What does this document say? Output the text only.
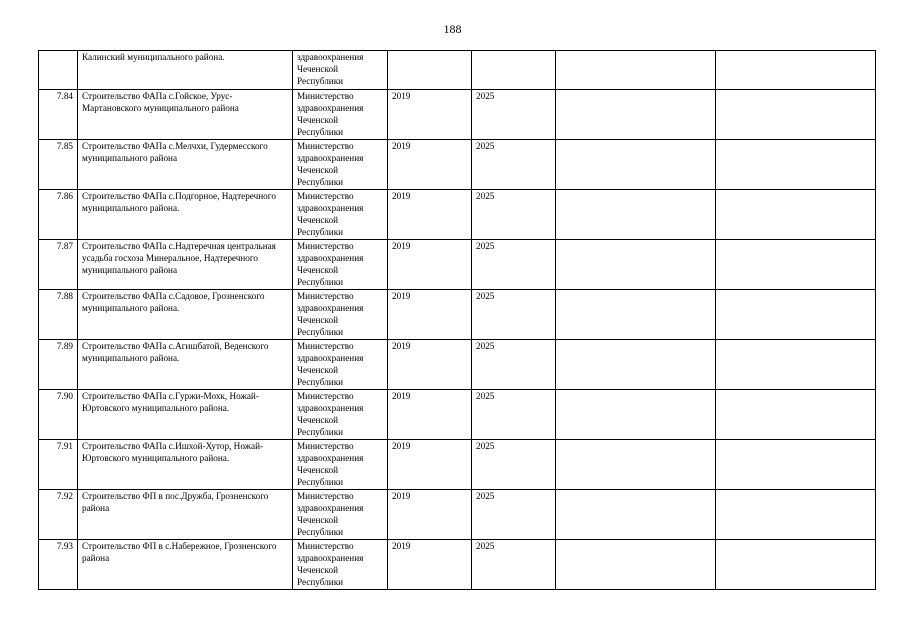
188
	Калинский муниципального района.	здравоохранения Чеченской Республики				
7.84	Строительство ФАПа с.Гойское, Урус-Мартановского муниципального района	Министерство здравоохранения Чеченской Республики	2019	2025		
7.85	Строительство ФАПа с.Мелчхи, Гудермесского муниципального района	Министерство здравоохранения Чеченской Республики	2019	2025		
7.86	Строительство ФАПа с.Подгорное, Надтеречного муниципального района.	Министерство здравоохранения Чеченской Республики	2019	2025		
7.87	Строительство ФАПа с.Надтеречная центральная усадьба госхоза Минеральное, Надтеречного муниципального района	Министерство здравоохранения Чеченской Республики	2019	2025		
7.88	Строительство ФАПа с.Садовое, Грозненского муниципального района.	Министерство здравоохранения Чеченской Республики	2019	2025		
7.89	Строительство ФАПа с.Агишбатой, Веденского муниципального района.	Министерство здравоохранения Чеченской Республики	2019	2025		
7.90	Строительство ФАПа с.Гуржи-Мохк, Ножай-Юртовского муниципального района.	Министерство здравоохранения Чеченской Республики	2019	2025		
7.91	Строительство ФАПа с.Ишхой-Хутор, Ножай-Юртовского муниципального района.	Министерство здравоохранения Чеченской Республики	2019	2025		
7.92	Строительство ФП в пос.Дружба, Грозненского района	Министерство здравоохранения Чеченской Республики	2019	2025		
7.93	Строительство ФП в с.Набережное, Грозненского района	Министерство здравоохранения Чеченской Республики	2019	2025		
